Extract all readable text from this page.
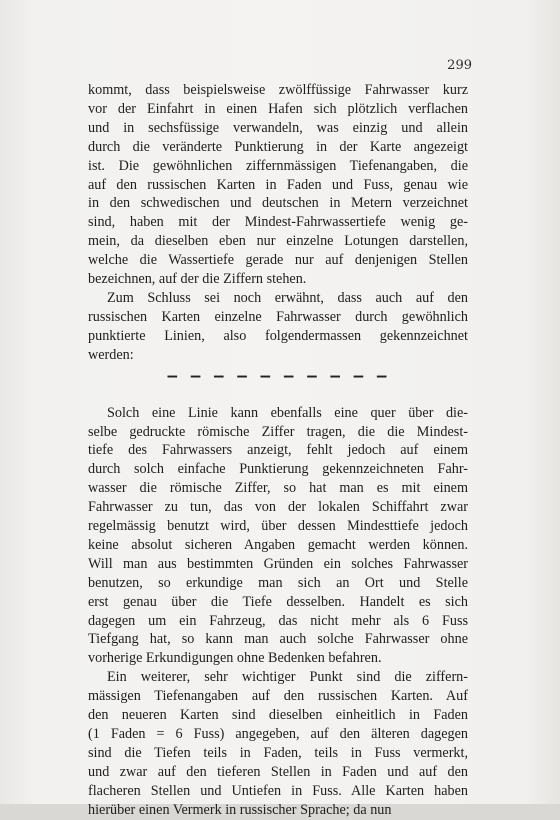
299

kommt, dass beispielsweise zwölffüssige Fahrwasser kurz
vor der Einfahrt in einen Hafen sich plötzlich verflachen
und in sechsfüssige verwandeln, was einzig und allein
durch die veränderte Punktierung in der Karte angezeigt
ist. Die gewöhnlichen ziffernmässigen Tiefenangaben, die
auf den russischen Karten in Faden und Fuss, genau wie
in den schwedischen und deutschen in Metern verzeichnet
sind, haben mit der Mindest-Fahrwassertiefe wenig ge-
mein, da dieselben eben nur einzelne Lotungen darstellen,
welche die Wassertiefe gerade nur auf denjenigen Stellen
bezeichnen, auf der die Ziffern stehen.

Zum Schluss sei noch erwähnt, dass auch auf den
russischen Karten einzelne Fahrwasser durch gewöhnlich
punktierte Linien, also folgendermassen gekennzeichnet
werden:

— — — — — — — — — —

Solch eine Linie kann ebenfalls eine quer über die-
selbe gedruckte römische Ziffer tragen, die die Mindest-
tiefe des Fahrwassers anzeigt, fehlt jedoch auf einem
durch solch einfache Punktierung gekennzeichneten Fahr-
wasser die römische Ziffer, so hat man es mit einem
Fahrwasser zu tun, das von der lokalen Schiffahrt zwar
regelmässig benutzt wird, über dessen Mindesttiefe jedoch
keine absolut sicheren Angaben gemacht werden können.
Will man aus bestimmten Gründen ein solches Fahrwasser
benutzen, so erkundige man sich an Ort und Stelle
erst genau über die Tiefe desselben. Handelt es sich
dagegen um ein Fahrzeug, das nicht mehr als 6 Fuss
Tiefgang hat, so kann man auch solche Fahrwasser ohne
vorherige Erkundigungen ohne Bedenken befahren.

Ein weiterer, sehr wichtiger Punkt sind die ziffern-
mässigen Tiefenangaben auf den russischen Karten. Auf
den neueren Karten sind dieselben einheitlich in Faden
(1 Faden = 6 Fuss) angegeben, auf den älteren dagegen
sind die Tiefen teils in Faden, teils in Fuss vermerkt,
und zwar auf den tieferen Stellen in Faden und auf den
flacheren Stellen und Untiefen in Fuss. Alle Karten haben
hierüber einen Vermerk in russischer Sprache; da nun
